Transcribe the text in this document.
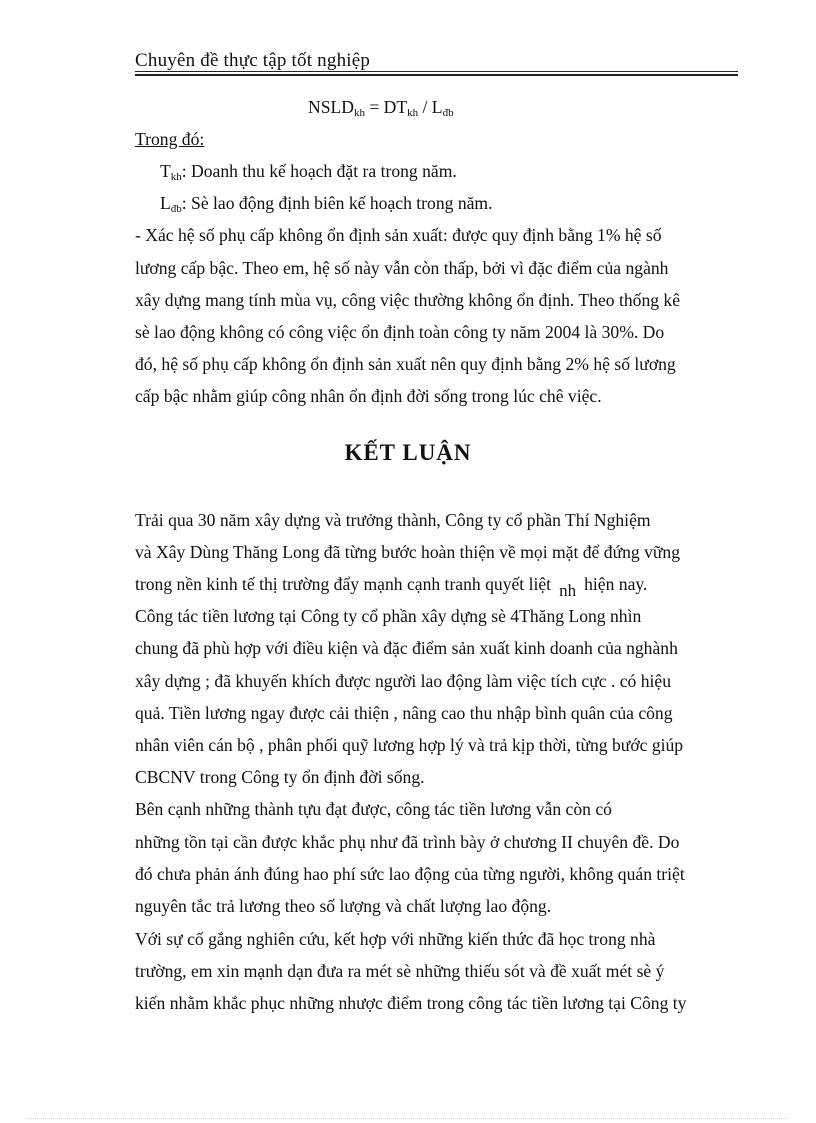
Chuyên đề thực tập tốt nghiệp
$NSLD_{kh} = DT_{kh} / L_{đb}$
Trong đó:
$T_{kh}$: Doanh thu kế hoạch đặt ra trong năm.
$L_{đb}$: Sè lao động định biên kế hoạch trong năm.
- Xác hệ số phụ cấp không ổn định sản xuất: được quy định bằng 1% hệ số
lương cấp bậc. Theo em, hệ số này vẫn còn thấp, bởi vì đặc điểm của ngành
xây dựng mang tính mùa vụ, công việc thường không ổn định. Theo thống kê
sè lao động không có công việc ổn định toàn công ty năm 2004 là 30%. Do
đó, hệ số phụ cấp không ổn định sản xuất nên quy định bằng 2% hệ số lương
cấp bậc nhằm giúp công nhân ổn định đời sống trong lúc chê việc.
KẾT LUẬN
Trải qua 30 năm xây dựng và trưởng thành, Công ty cổ phần Thí Nghiệm
và Xây Dùng Thăng Long đã từng bước hoàn thiện về mọi mặt để đứng vững
trong nền kinh tế thị trường đẩy mạnh cạnh tranh quyết liệt nh hiện nay.
Công tác tiền lương tại Công ty cổ phần xây dựng sè 4Thăng Long nhìn
chung đã phù hợp với điều kiện và đặc điểm sản xuất kinh doanh của nghành
xây dựng ; đã khuyến khích được người lao động làm việc tích cực . có hiệu
quả. Tiền lương ngay được cải thiện , nâng cao thu nhập bình quân của công
nhân viên cán bộ , phân phối quỹ lương hợp lý và trả kịp thời, từng bước giúp
CBCNV trong Công ty ổn định đời sống.
Bên cạnh những thành tựu đạt được, công tác tiền lương vẫn còn có
những tồn tại cần được khắc phụ như đã trình bày ở chương II chuyên đề. Do
đó chưa phản ánh đúng hao phí sức lao động của từng người, không quán triệt
nguyên tắc trả lương theo số lượng và chất lượng lao động.
Với sự cố gắng nghiên cứu, kết hợp với những kiến thức đã học trong nhà
trường, em xin mạnh dạn đưa ra mét sè những thiếu sót và đề xuất mét sè ý
kiến nhằm khắc phục những nhược điểm trong công tác tiền lương tại Công ty
